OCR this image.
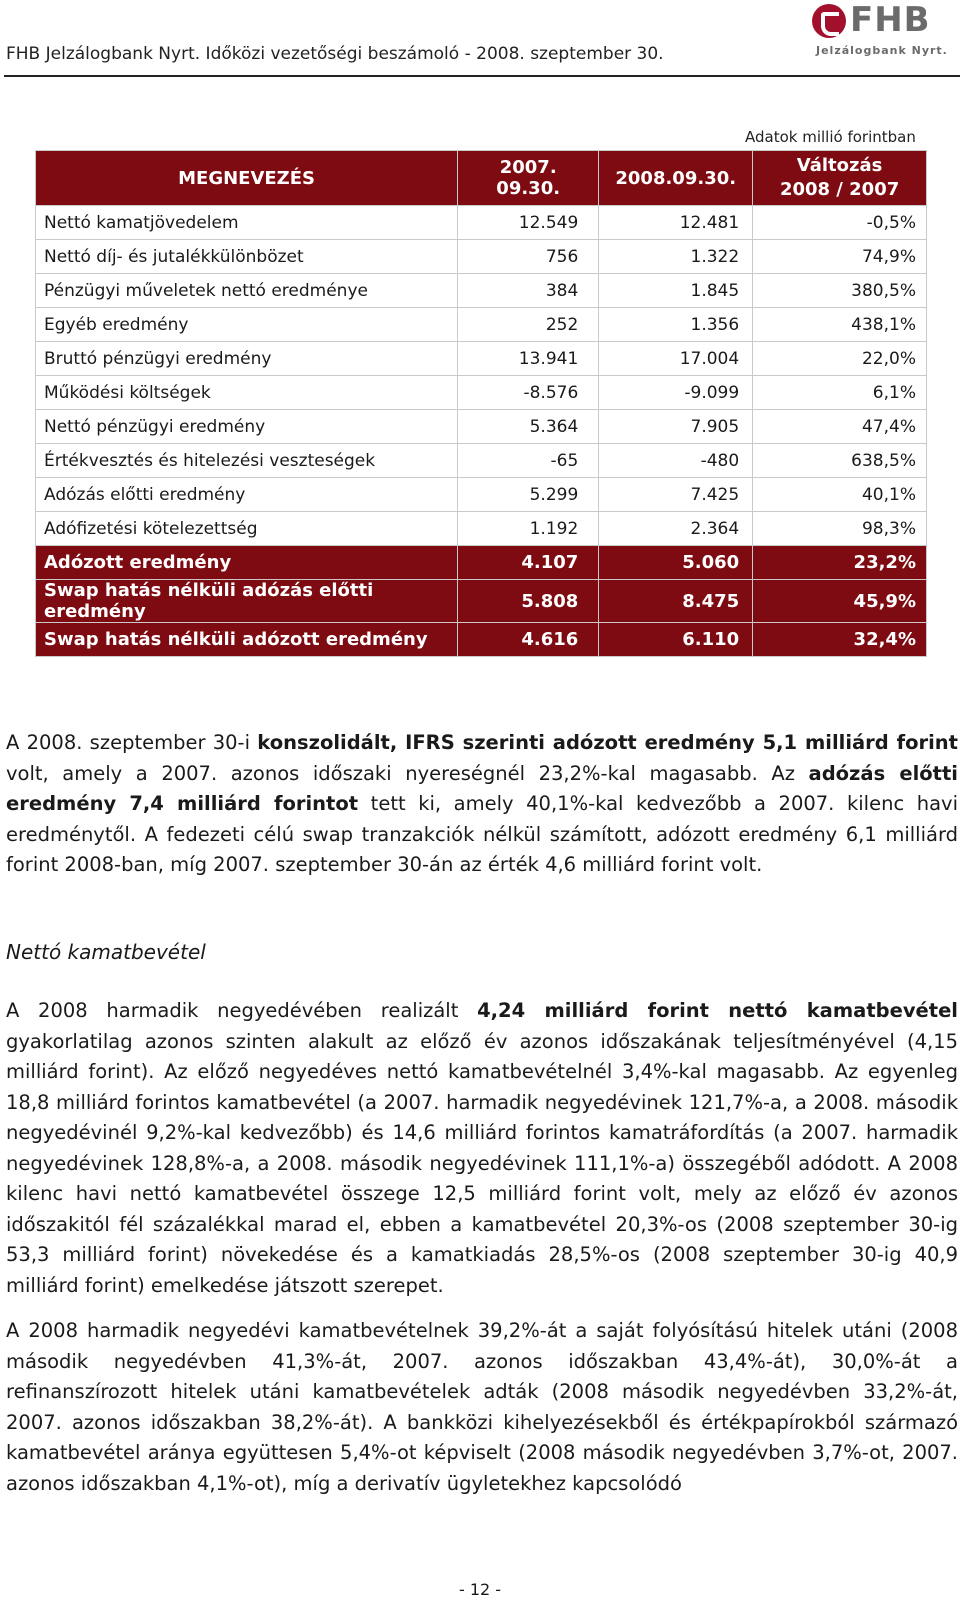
FHB Jelzálogbank Nyrt. Időközi vezetőségi beszámoló - 2008. szeptember 30.
FHB
Jelzálogbank Nyrt.
Adatok millió forintban
MEGNEVEZÉS	2007. 09.30.	2008.09.30.	Változás
2008 / 2007

Nettó kamatjövedelem	12.549	12.481	-0,5%
Nettó díj- és jutalékkülönbözet	756	1.322	74,9%
Pénzügyi műveletek nettó eredménye	384	1.845	380,5%
Egyéb eredmény	252	1.356	438,1%
Bruttó pénzügyi eredmény	13.941	17.004	22,0%
Működési költségek	-8.576	-9.099	6,1%
Nettó pénzügyi eredmény	5.364	7.905	47,4%
Értékvesztés és hitelezési veszteségek	-65	-480	638,5%
Adózás előtti eredmény	5.299	7.425	40,1%
Adófizetési kötelezettség	1.192	2.364	98,3%
Adózott eredmény	4.107	5.060	23,2%
Swap hatás nélküli adózás előtti eredmény	5.808	8.475	45,9%
Swap hatás nélküli adózott eredmény	4.616	6.110	32,4%
A 2008. szeptember 30-i konszolidált, IFRS szerinti adózott eredmény 5,1 milliárd forint volt, amely a 2007. azonos időszaki nyereségnél 23,2%-kal magasabb. Az adózás előtti eredmény 7,4 milliárd forintot tett ki, amely 40,1%-kal kedvezőbb a 2007. kilenc havi eredménytől. A fedezeti célú swap tranzakciók nélkül számított, adózott eredmény 6,1 milliárd forint 2008-ban, míg 2007. szeptember 30-án az érték 4,6 milliárd forint volt.
Nettó kamatbevétel
A 2008 harmadik negyedévében realizált 4,24 milliárd forint nettó kamatbevétel gyakorlatilag azonos szinten alakult az előző év azonos időszakának teljesítményével (4,15 milliárd forint). Az előző negyedéves nettó kamatbevételnél 3,4%-kal magasabb. Az egyenleg 18,8 milliárd forintos kamatbevétel (a 2007. harmadik negyedévinek 121,7%-a, a 2008. második negyedévinél 9,2%-kal kedvezőbb) és 14,6 milliárd forintos kamatráfordítás (a 2007. harmadik negyedévinek 128,8%-a, a 2008. második negyedévinek 111,1%-a) összegéből adódott. A 2008 kilenc havi nettó kamatbevétel összege 12,5 milliárd forint volt, mely az előző év azonos időszakitól fél százalékkal marad el, ebben a kamatbevétel 20,3%-os (2008 szeptember 30-ig 53,3 milliárd forint) növekedése és a kamatkiadás 28,5%-os (2008 szeptember 30-ig 40,9 milliárd forint) emelkedése játszott szerepet.
A 2008 harmadik negyedévi kamatbevételnek 39,2%-át a saját folyósítású hitelek utáni (2008 második negyedévben 41,3%-át, 2007. azonos időszakban 43,4%-át), 30,0%-át a refinanszírozott hitelek utáni kamatbevételek adták (2008 második negyedévben 33,2%-át, 2007. azonos időszakban 38,2%-át). A bankközi kihelyezésekből és értékpapírokból származó kamatbevétel aránya együttesen 5,4%-ot képviselt (2008 második negyedévben 3,7%-ot, 2007. azonos időszakban 4,1%-ot), míg a derivatív ügyletekhez kapcsolódó
- 12 -
